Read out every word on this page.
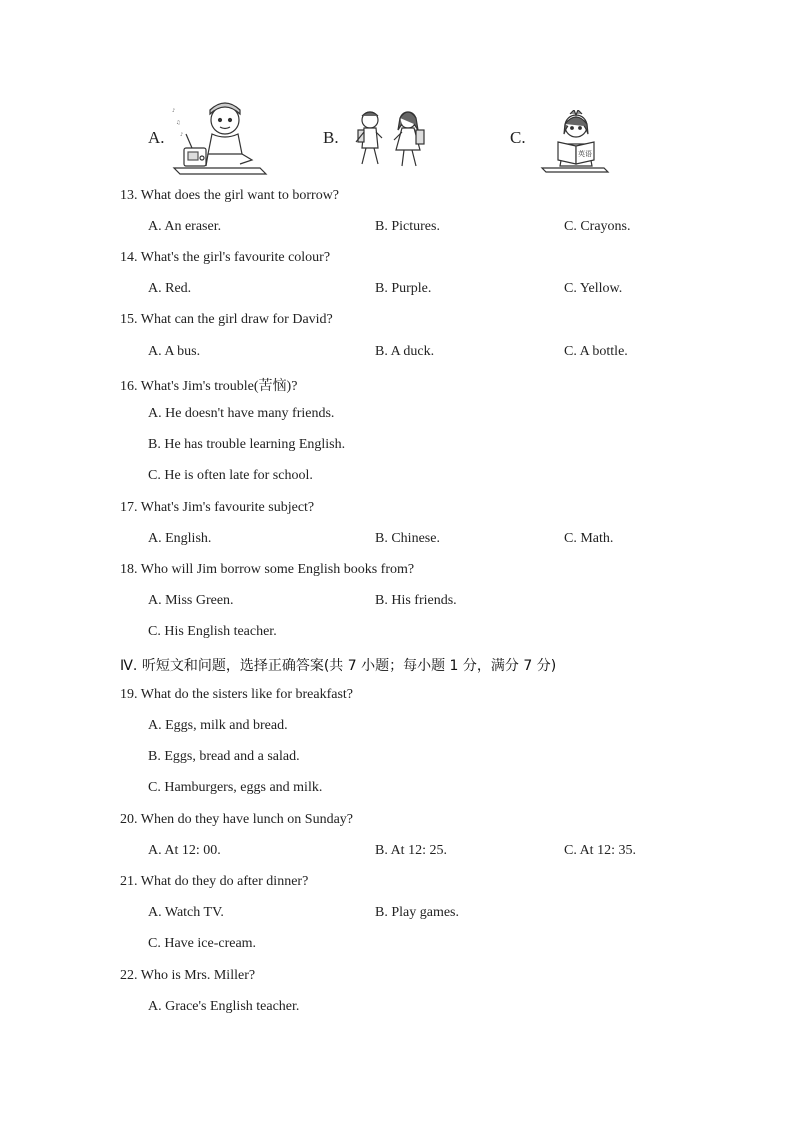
A.	B.	C.
♪
♫
♪
英语
13. What does the girl want to borrow?
A. An eraser.	B. Pictures.	C. Crayons.
14. What's the girl's favourite colour?
A. Red.	B. Purple.	C. Yellow.
15. What can the girl draw for David?
A. A bus.	B. A duck.	C. A bottle.
16. What's Jim's trouble(苦恼)?
A. He doesn't have many friends.
B. He has trouble learning English.
C. He is often late for school.
17. What's Jim's favourite subject?
A. English.	B. Chinese.	C. Math.
18. Who will Jim borrow some English books from?
A. Miss Green.	B. His friends.
C. His English teacher.
Ⅳ. 听短文和问题，选择正确答案(共 7 小题；每小题 1 分，满分 7 分)
19. What do the sisters like for breakfast?
A. Eggs, milk and bread.
B. Eggs, bread and a salad.
C. Hamburgers, eggs and milk.
20. When do they have lunch on Sunday?
A. At 12: 00.	B. At 12: 25.	C. At 12: 35.
21. What do they do after dinner?
A. Watch TV.	B. Play games.
C. Have ice-cream.
22. Who is Mrs. Miller?
A. Grace's English teacher.
